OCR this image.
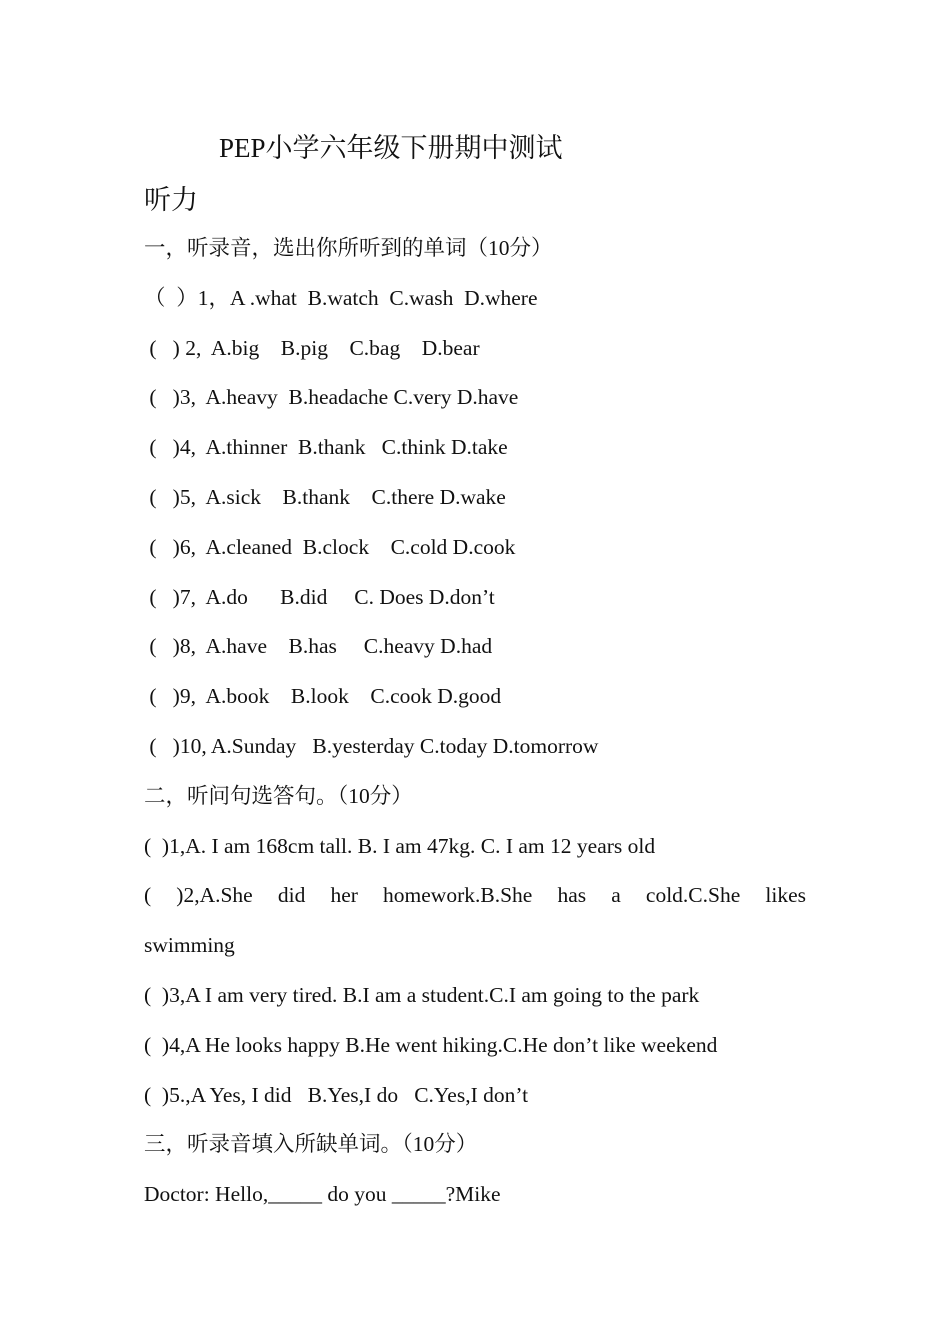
PEP小学六年级下册期中测试
听力
一，听录音，选出你所听到的单词（10分）
（  ）1，A .what  B.watch  C.wash  D.where
(   ) 2,  A.big    B.pig    C.bag    D.bear
(   )3,  A.heavy  B.headache C.very D.have
(   )4,  A.thinner  B.thank   C.think D.take
(   )5,  A.sick    B.thank    C.there D.wake
(   )6,  A.cleaned  B.clock    C.cold D.cook
(   )7,  A.do      B.did     C. Does D.don’t
(   )8,  A.have    B.has     C.heavy D.had
(   )9,  A.book    B.look    C.cook D.good
(   )10, A.Sunday   B.yesterday C.today D.tomorrow
二，听问句选答句。（10分）
(  )1,A. I am 168cm tall. B. I am 47kg. C. I am 12 years old
( )2,A.She did her homework.B.She has a cold.C.She likes
swimming
(  )3,A I am very tired. B.I am a student.C.I am going to the park
(  )4,A He looks happy B.He went hiking.C.He don’t like weekend
(  )5.,A Yes, I did   B.Yes,I do   C.Yes,I don’t
三，听录音填入所缺单词。（10分）
Doctor: Hello,_____ do you _____?Mike
